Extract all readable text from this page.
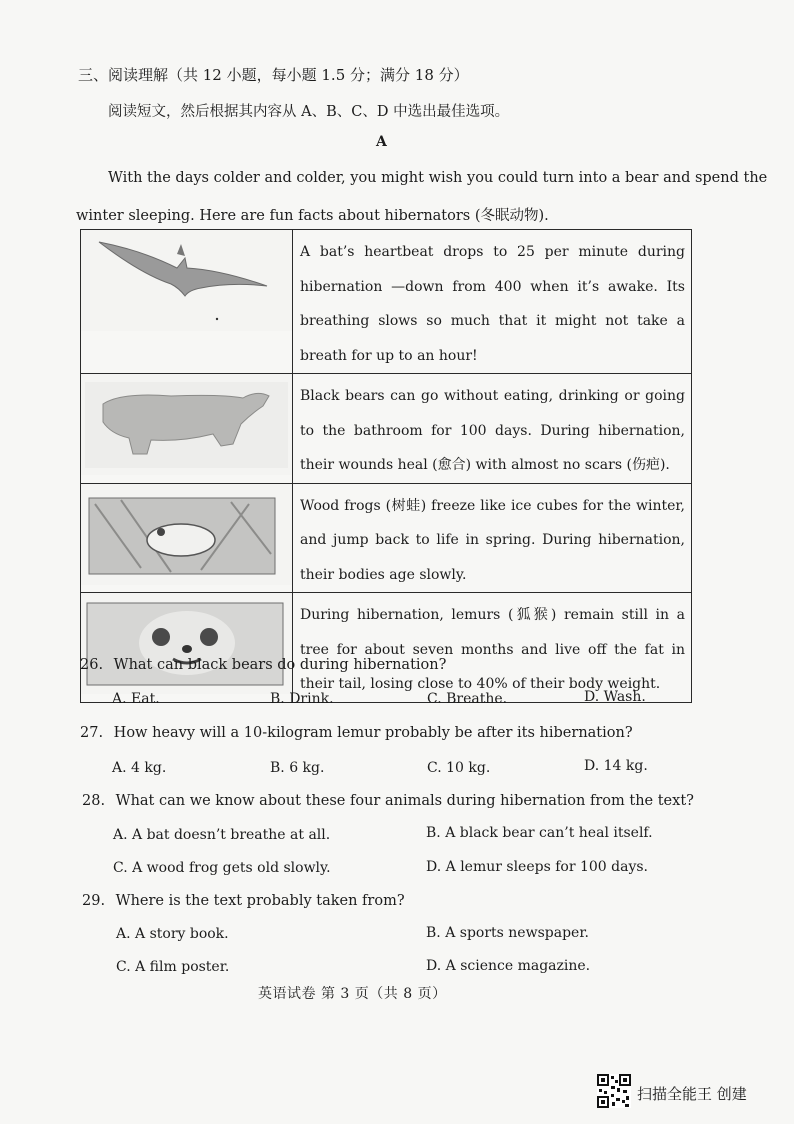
三、阅读理解（共 12 小题，每小题 1.5 分；满分 18 分）
阅读短文，然后根据其内容从 A、B、C、D 中选出最佳选项。
A
With the days colder and colder, you might wish you could turn into a bear and spend the
winter sleeping. Here are fun facts about hibernators (冬眠动物).
	A bat’s heartbeat drops to 25 per minute during hibernation —down from 400 when it’s awake. Its breathing slows so much that it might not take a breath for up to an hour!

	Black bears can go without eating, drinking or going to the bathroom for 100 days. During hibernation, their wounds heal (愈合) with almost no scars (伤疤).

	Wood frogs (树蛙) freeze like ice cubes for the winter, and jump back to life in spring. During hibernation, their bodies age slowly.

	During hibernation, lemurs (狐猴) remain still in a tree for about seven months and live off the fat in their tail, losing close to 40% of their body weight.
26. What can black bears do during hibernation?
A. Eat.	B. Drink.	C. Breathe.	D. Wash.
27. How heavy will a 10-kilogram lemur probably be after its hibernation?
A. 4 kg.	B. 6 kg.	C. 10 kg.	D. 14 kg.
28. What can we know about these four animals during hibernation from the text?
A. A bat doesn’t breathe at all.	B. A black bear can’t heal itself.
C. A wood frog gets old slowly.	D. A lemur sleeps for 100 days.
29. Where is the text probably taken from?
A. A story book.	B. A sports newspaper.
C. A film poster.	D. A science magazine.
英语试卷 第 3 页（共 8 页）
扫描全能王 创建
